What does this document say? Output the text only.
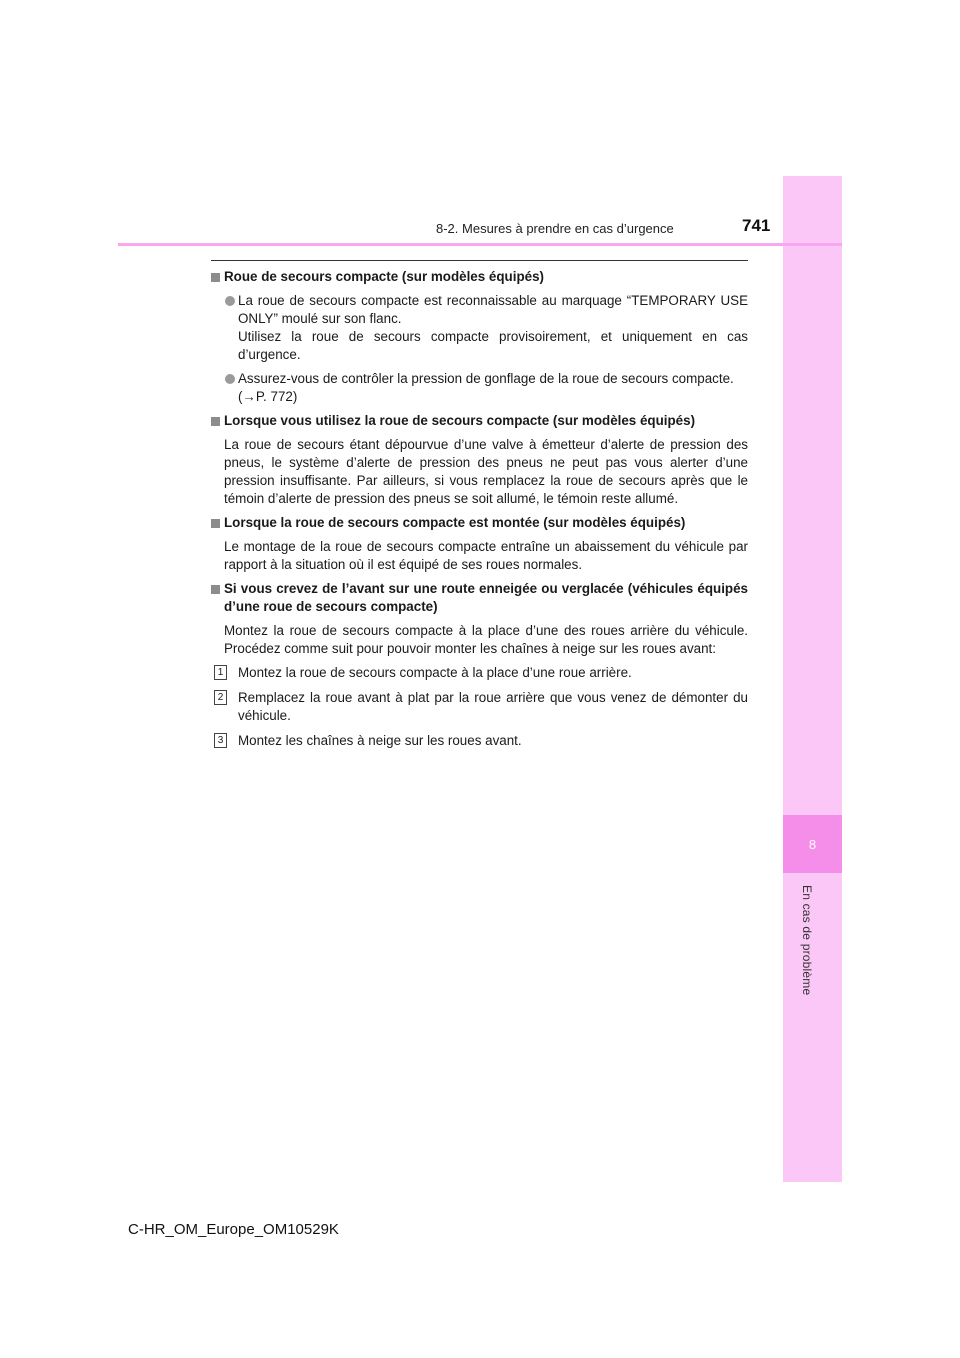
8
En cas de problème
8-2. Mesures à prendre en cas d’urgence	741
Roue de secours compacte (sur modèles équipés)
La roue de secours compacte est reconnaissable au marquage “TEMPORARY USE ONLY” moulé sur son flanc.
Utilisez la roue de secours compacte provisoirement, et uniquement en cas d’urgence.
Assurez-vous de contrôler la pression de gonflage de la roue de secours compacte.
(→P. 772)
Lorsque vous utilisez la roue de secours compacte (sur modèles équipés)
La roue de secours étant dépourvue d’une valve à émetteur d’alerte de pression des pneus, le système d’alerte de pression des pneus ne peut pas vous alerter d’une pression insuffisante. Par ailleurs, si vous remplacez la roue de secours après que le témoin d’alerte de pression des pneus se soit allumé, le témoin reste allumé.
Lorsque la roue de secours compacte est montée (sur modèles équipés)
Le montage de la roue de secours compacte entraîne un abaissement du véhicule par rapport à la situation où il est équipé de ses roues normales.
Si vous crevez de l’avant sur une route enneigée ou verglacée (véhicules équipés d’une roue de secours compacte)
Montez la roue de secours compacte à la place d’une des roues arrière du véhicule. Procédez comme suit pour pouvoir monter les chaînes à neige sur les roues avant:
1 Montez la roue de secours compacte à la place d’une roue arrière.
2 Remplacez la roue avant à plat par la roue arrière que vous venez de démonter du véhicule.
3 Montez les chaînes à neige sur les roues avant.
C-HR_OM_Europe_OM10529K
